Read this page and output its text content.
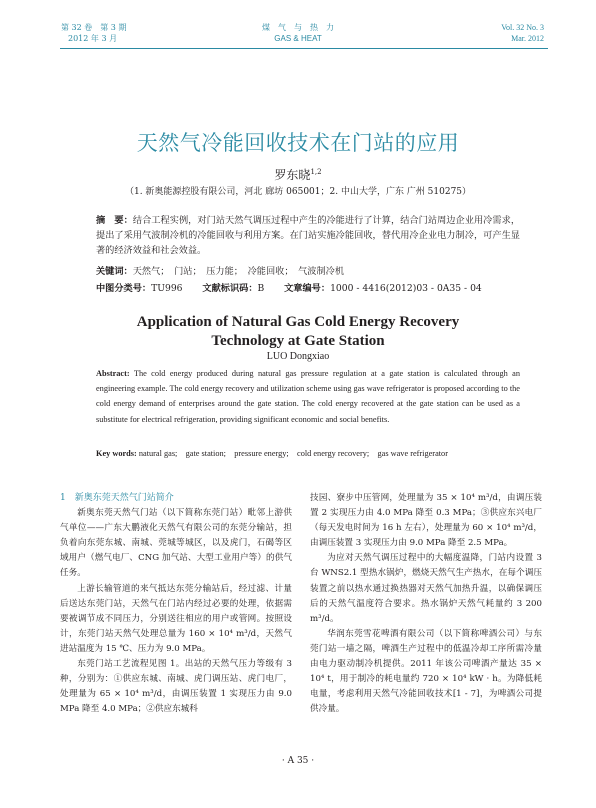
第 32 卷　第 3 期
2012 年 3 月
煤　气　与　热　力
GAS & HEAT
Vol. 32 No. 3
Mar. 2012
天然气冷能回收技术在门站的应用
罗东晓$^{1,2}$
（1. 新奥能源控股有限公司，河北 廊坊 065001；2. 中山大学，广东 广州 510275）
摘　要：结合工程实例，对门站天然气调压过程中产生的冷能进行了计算，结合门站周边企业用冷需求，提出了采用气波制冷机的冷能回收与利用方案。在门站实施冷能回收，替代用冷企业电力制冷，可产生显著的经济效益和社会效益。
关键词：天然气；　门站；　压力能；　冷能回收；　气波制冷机
中图分类号：TU996 文献标识码：B 文章编号：1000 - 4416(2012)03 - 0A35 - 04
Application of Natural Gas Cold Energy Recovery
Technology at Gate Station
LUO Dongxiao
Abstract: The cold energy produced during natural gas pressure regulation at a gate station is calculated through an engineering example. The cold energy recovery and utilization scheme using gas wave refrigerator is proposed according to the cold energy demand of enterprises around the gate station. The cold energy recovered at the gate station can be used as a substitute for electrical refrigeration, providing significant economic and social benefits.
Key words: natural gas;　gate station;　pressure energy;　cold energy recovery;　gas wave refrigerator

1　新奥东莞天然气门站简介

新奥东莞天然气门站（以下简称东莞门站）毗邻上游供气单位——广东大鹏液化天然气有限公司的东莞分输站，担负着向东莞东城、南城、莞城等城区，以及虎门，石碣等区域用户（燃气电厂、CNG 加气站、大型工业用户等）的供气任务。

上游长输管道的来气抵达东莞分输站后，经过滤、计量后送达东莞门站，天然气在门站内经过必要的处理，依据需要被调节成不同压力，分别送往相应的用户或管网。按照设计，东莞门站天然气处理总量为 160 × 10⁴ m³/d，天然气进站温度为 15 ℃、压力为 9.0 MPa。

东莞门站工艺流程见图 1。出站的天然气压力等级有 3 种，分别为：①供应东城、南城、虎门调压站、虎门电厂，处理量为 65 × 10⁴ m³/d，由调压装置 1 实现压力由 9.0 MPa 降至 4.0 MPa；②供应东城科

技园、寮步中压管网，处理量为 35 × 10⁴ m³/d，由调压装置 2 实现压力由 4.0 MPa 降至 0.3 MPa；③供应东兴电厂（每天发电时间为 16 h 左右），处理量为 60 × 10⁴ m³/d，由调压装置 3 实现压力由 9.0 MPa 降至 2.5 MPa。

为应对天然气调压过程中的大幅度温降，门站内设置 3 台 WNS2.1 型热水锅炉，燃烧天然气生产热水，在每个调压装置之前以热水通过换热器对天然气加热升温，以确保调压后的天然气温度符合要求。热水锅炉天然气耗量约 3 200 m³/d。

华润东莞雪花啤酒有限公司（以下简称啤酒公司）与东莞门站一墙之隔，啤酒生产过程中的低温冷却工序所需冷量由电力驱动制冷机提供。2011 年该公司啤酒产量达 35 × 10⁴ t，用于制冷的耗电量约 720 × 10⁴ kW · h。为降低耗电量，考虑利用天然气冷能回收技术[1 - 7]，为啤酒公司提供冷量。

· A 35 ·
